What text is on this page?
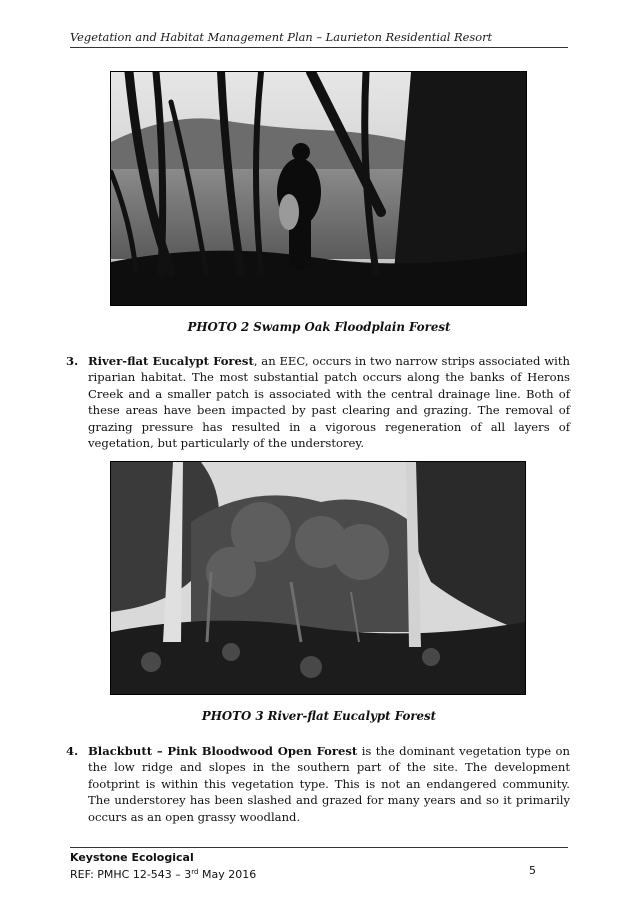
Vegetation and Habitat Management Plan – Laurieton Residential Resort
PHOTO 2 Swamp Oak Floodplain Forest
3. River-flat Eucalypt Forest, an EEC, occurs in two narrow strips associated with
riparian habitat. The most substantial patch occurs along the banks of Herons
Creek and a smaller patch is associated with the central drainage line. Both of
these areas have been impacted by past clearing and grazing. The removal of
grazing pressure has resulted in a vigorous regeneration of all layers of
vegetation, but particularly of the understorey.
PHOTO 3 River-flat Eucalypt Forest
4. Blackbutt – Pink Bloodwood Open Forest is the dominant vegetation type on
the low ridge and slopes in the southern part of the site. The development
footprint is within this vegetation type. This is not an endangered community.
The understorey has been slashed and grazed for many years and so it primarily
occurs as an open grassy woodland.
Keystone Ecological
REF: PMHC 12-543 – 3rd May 2016	5
